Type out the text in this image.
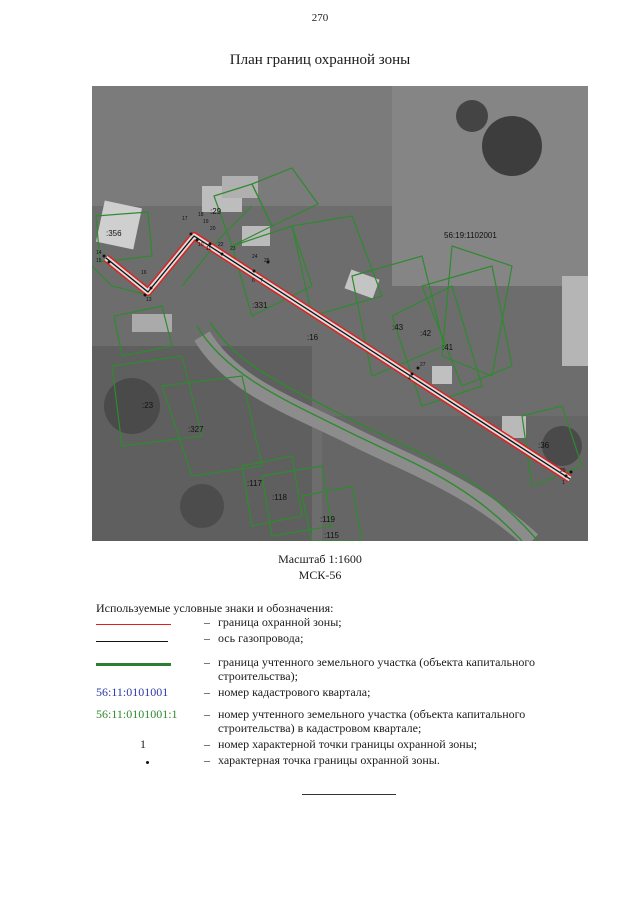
270
План границ охранной зоны
:356
:29
:331
:16
:43
:42
:41
:23
:327
:117
:118
:119
:115
:36
56:19:1102001
14
15
16
13
17
18
19
20
10
11
22
23
24
25
6 7
27
4
29
1
Масштаб 1:1600
МСК-56
Используемые условные знаки и обозначения:
– граница охранной зоны;
– ось газопровода;
– граница учтенного земельного участка (объекта капитального строительства);
56:11:0101001	– номер кадастрового квартала;
56:11:0101001:1	– номер учтенного земельного участка (объекта капитального строительства) в кадастровом квартале;
1	– номер характерной точки границы охранной зоны;
– характерная точка границы охранной зоны.
